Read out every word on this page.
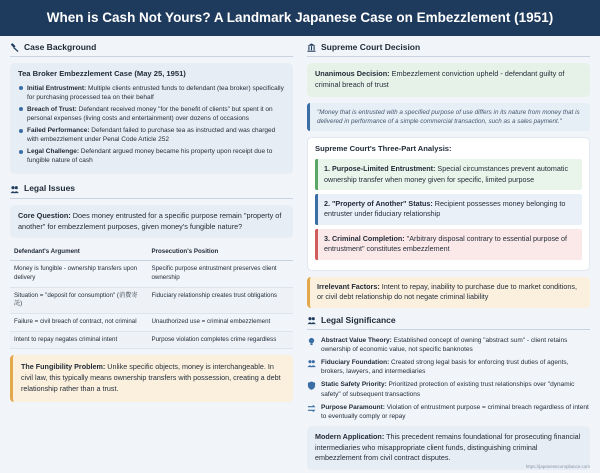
When is Cash Not Yours? A Landmark Japanese Case on Embezzlement (1951)
Case Background
Tea Broker Embezzlement Case (May 25, 1951)
Initial Entrustment: Multiple clients entrusted funds to defendant (tea broker) specifically for purchasing processed tea on their behalf
Breach of Trust: Defendant received money "for the benefit of clients" but spent it on personal expenses (living costs and entertainment) over dozens of occasions
Failed Performance: Defendant failed to purchase tea as instructed and was charged with embezzlement under Penal Code Article 252
Legal Challenge: Defendant argued money became his property upon receipt due to fungible nature of cash
Legal Issues
Core Question: Does money entrusted for a specific purpose remain "property of another" for embezzlement purposes, given money's fungible nature?
Defendant's Argument	Prosecution's Position
Money is fungible - ownership transfers upon delivery	Specific purpose entrustment preserves client ownership
Situation = "deposit for consumption" (消費寄託)	Fiduciary relationship creates trust obligations
Failure = civil breach of contract, not criminal	Unauthorized use = criminal embezzlement
Intent to repay negates criminal intent	Purpose violation completes crime regardless
The Fungibility Problem: Unlike specific objects, money is interchangeable. In civil law, this typically means ownership transfers with possession, creating a debt relationship rather than a trust.
Supreme Court Decision
Unanimous Decision: Embezzlement conviction upheld - defendant guilty of criminal breach of trust
"Money that is entrusted with a specified purpose of use differs in its nature from money that is delivered in performance of a simple commercial transaction, such as a sales payment."
Supreme Court's Three-Part Analysis:
1. Purpose-Limited Entrustment: Special circumstances prevent automatic ownership transfer when money given for specific, limited purpose
2. "Property of Another" Status: Recipient possesses money belonging to entruster under fiduciary relationship
3. Criminal Completion: "Arbitrary disposal contrary to essential purpose of entrustment" constitutes embezzlement
Irrelevant Factors: Intent to repay, inability to purchase due to market conditions, or civil debt relationship do not negate criminal liability
Legal Significance
Abstract Value Theory: Established concept of owning "abstract sum" - client retains ownership of economic value, not specific banknotes
Fiduciary Foundation: Created strong legal basis for enforcing trust duties of agents, brokers, lawyers, and intermediaries
Static Safety Priority: Prioritized protection of existing trust relationships over "dynamic safety" of subsequent transactions
Purpose Paramount: Violation of entrustment purpose = criminal breach regardless of intent to eventually comply or repay
Modern Application: This precedent remains foundational for prosecuting financial intermediaries who misappropriate client funds, distinguishing criminal embezzlement from civil contract disputes.
https://japanesecompliance.com
